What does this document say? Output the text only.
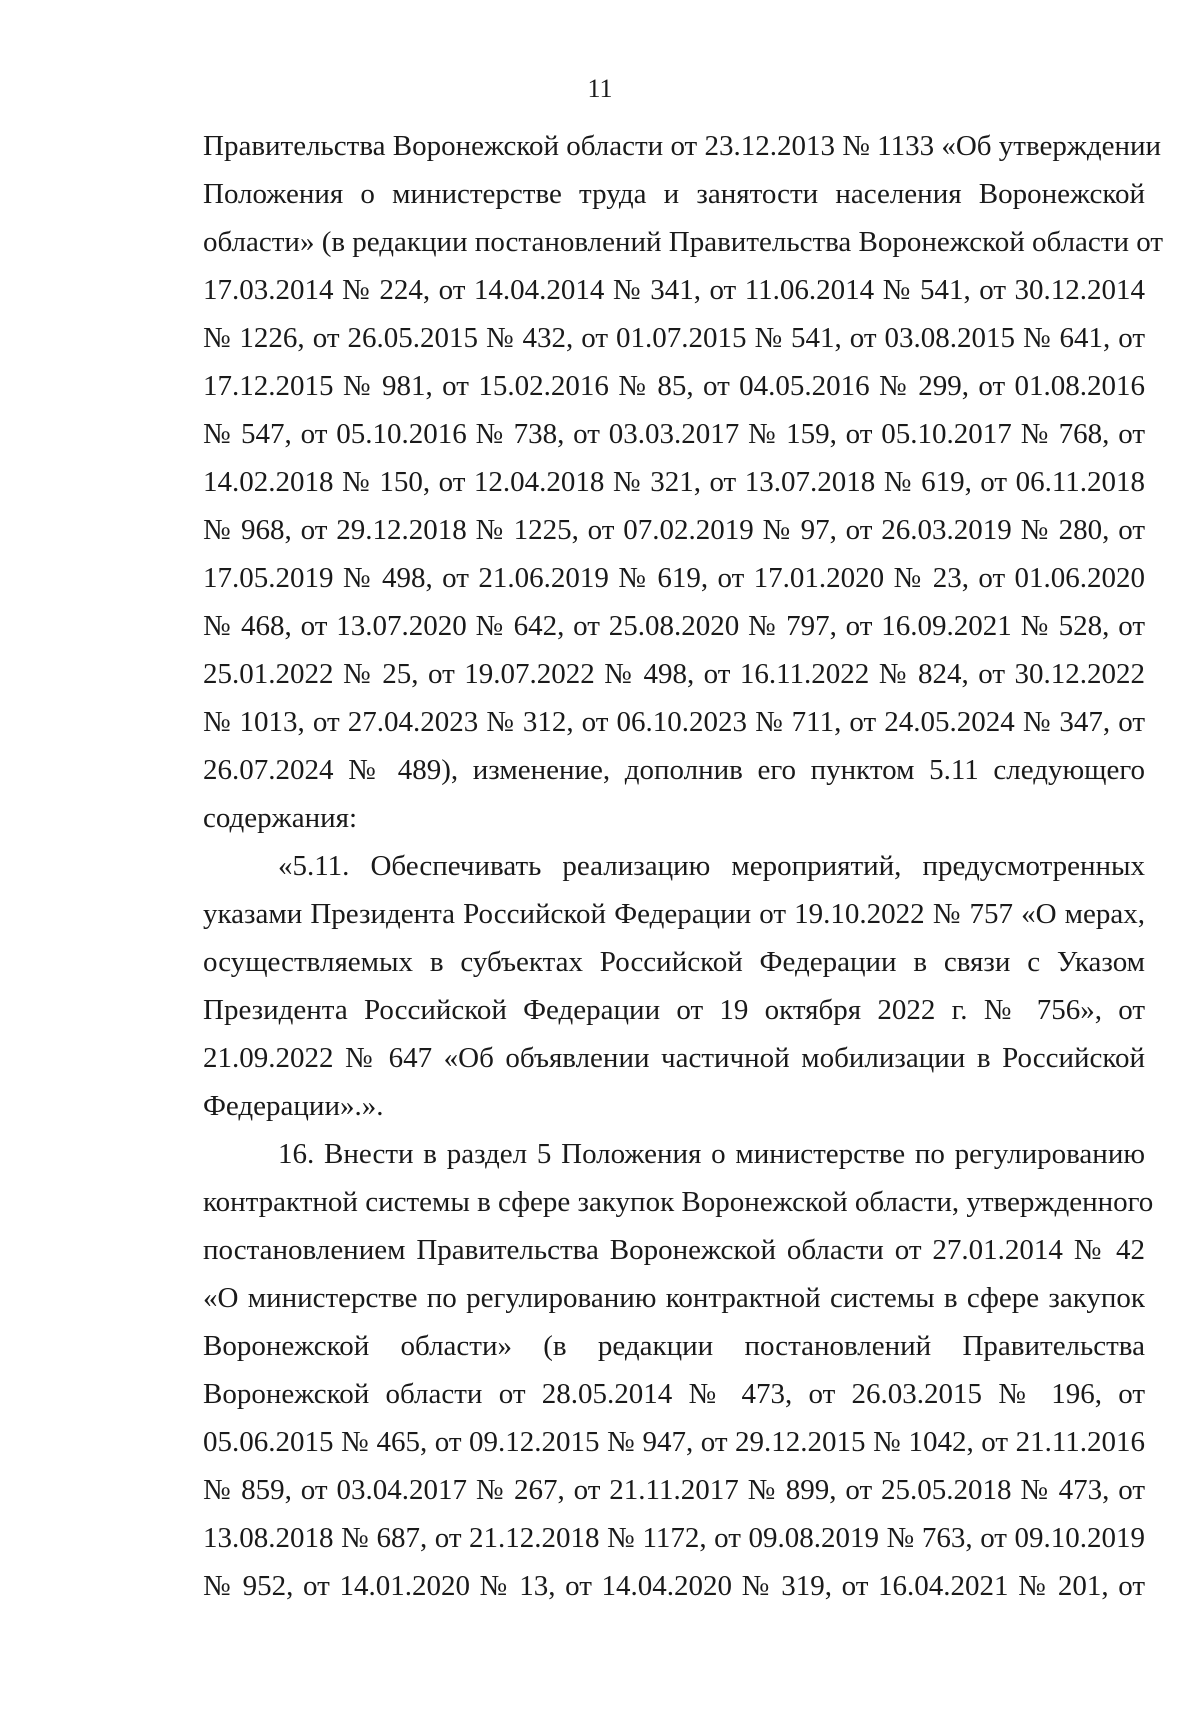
11
Правительства Воронежской области от 23.12.2013 № 1133 «Об утверждении
Положения о министерстве труда и занятости населения Воронежской
области» (в редакции постановлений Правительства Воронежской области от
17.03.2014 № 224, от 14.04.2014 № 341, от 11.06.2014 № 541, от 30.12.2014
№ 1226, от 26.05.2015 № 432, от 01.07.2015 № 541, от 03.08.2015 № 641, от
17.12.2015 № 981, от 15.02.2016 № 85, от 04.05.2016 № 299, от 01.08.2016
№ 547, от 05.10.2016 № 738, от 03.03.2017 № 159, от 05.10.2017 № 768, от
14.02.2018 № 150, от 12.04.2018 № 321, от 13.07.2018 № 619, от 06.11.2018
№ 968, от 29.12.2018 № 1225, от 07.02.2019 № 97, от 26.03.2019 № 280, от
17.05.2019 № 498, от 21.06.2019 № 619, от 17.01.2020 № 23, от 01.06.2020
№ 468, от 13.07.2020 № 642, от 25.08.2020 № 797, от 16.09.2021 № 528, от
25.01.2022 № 25, от 19.07.2022 № 498, от 16.11.2022 № 824, от 30.12.2022
№ 1013, от 27.04.2023 № 312, от 06.10.2023 № 711, от 24.05.2024 № 347, от
26.07.2024 № 489), изменение, дополнив его пунктом 5.11 следующего
содержания:
«5.11. Обеспечивать реализацию мероприятий, предусмотренных
указами Президента Российской Федерации от 19.10.2022 № 757 «О мерах,
осуществляемых в субъектах Российской Федерации в связи с Указом
Президента Российской Федерации от 19 октября 2022 г. № 756», от
21.09.2022 № 647 «Об объявлении частичной мобилизации в Российской
Федерации».».
16. Внести в раздел 5 Положения о министерстве по регулированию
контрактной системы в сфере закупок Воронежской области, утвержденного
постановлением Правительства Воронежской области от 27.01.2014 № 42
«О министерстве по регулированию контрактной системы в сфере закупок
Воронежской области» (в редакции постановлений Правительства
Воронежской области от 28.05.2014 № 473, от 26.03.2015 № 196, от
05.06.2015 № 465, от 09.12.2015 № 947, от 29.12.2015 № 1042, от 21.11.2016
№ 859, от 03.04.2017 № 267, от 21.11.2017 № 899, от 25.05.2018 № 473, от
13.08.2018 № 687, от 21.12.2018 № 1172, от 09.08.2019 № 763, от 09.10.2019
№ 952, от 14.01.2020 № 13, от 14.04.2020 № 319, от 16.04.2021 № 201, от
